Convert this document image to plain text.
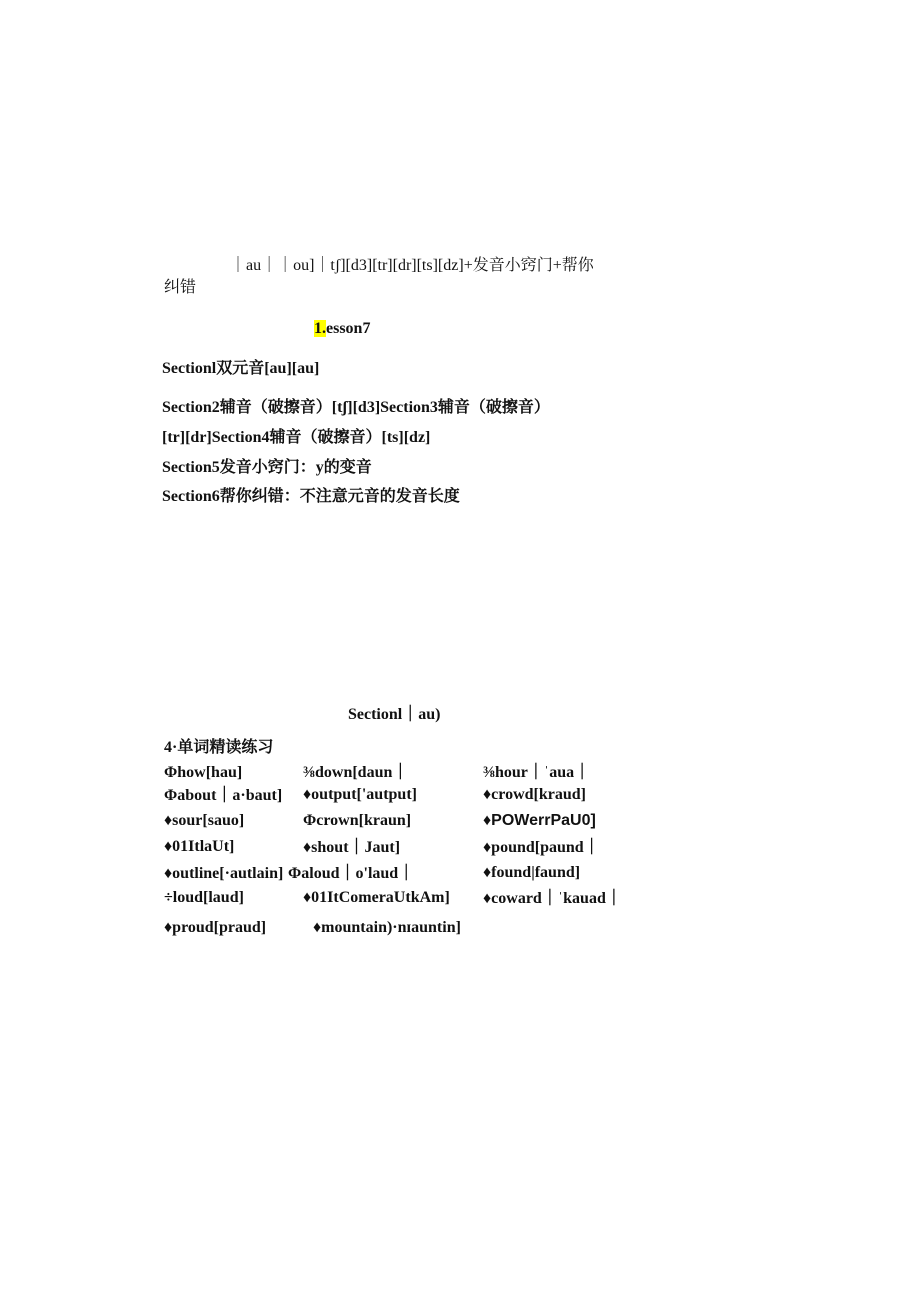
｜au｜｜ou]｜tʃ][d3][tr][dr][ts][dz]+发音小窍门+帮你
纠错
1.esson7
Sectionl双元音[au][au]
Section2辅音（破擦音）[tʃ][d3]Section3辅音（破擦音）
[tr][dr]Section4辅音（破擦音）[ts][dz]
Section5发音小窍门：y的变音
Section6帮你纠错：不注意元音的发音长度
Sectionl｜au)
4·单词精读练习
Φhow[hau]	⅜down[daun｜	⅜hour｜ˈaua｜
Φabout｜a·baut] ♦output['autput]	♦crowd[kraud]
♦sour[sauo]	Φcrown[kraun]	♦POWerrPaU0]
♦01ItlaUt]	♦shout｜Jaut]	♦pound[paund｜
♦outline[·autlain] Φaloud｜o'laud｜	♦found|faund]
÷loud[laud]	♦01ItComeraUtkAm] ♦coward｜ˈkauad｜
♦proud[praud]	♦mountain)·nɪauntin]
